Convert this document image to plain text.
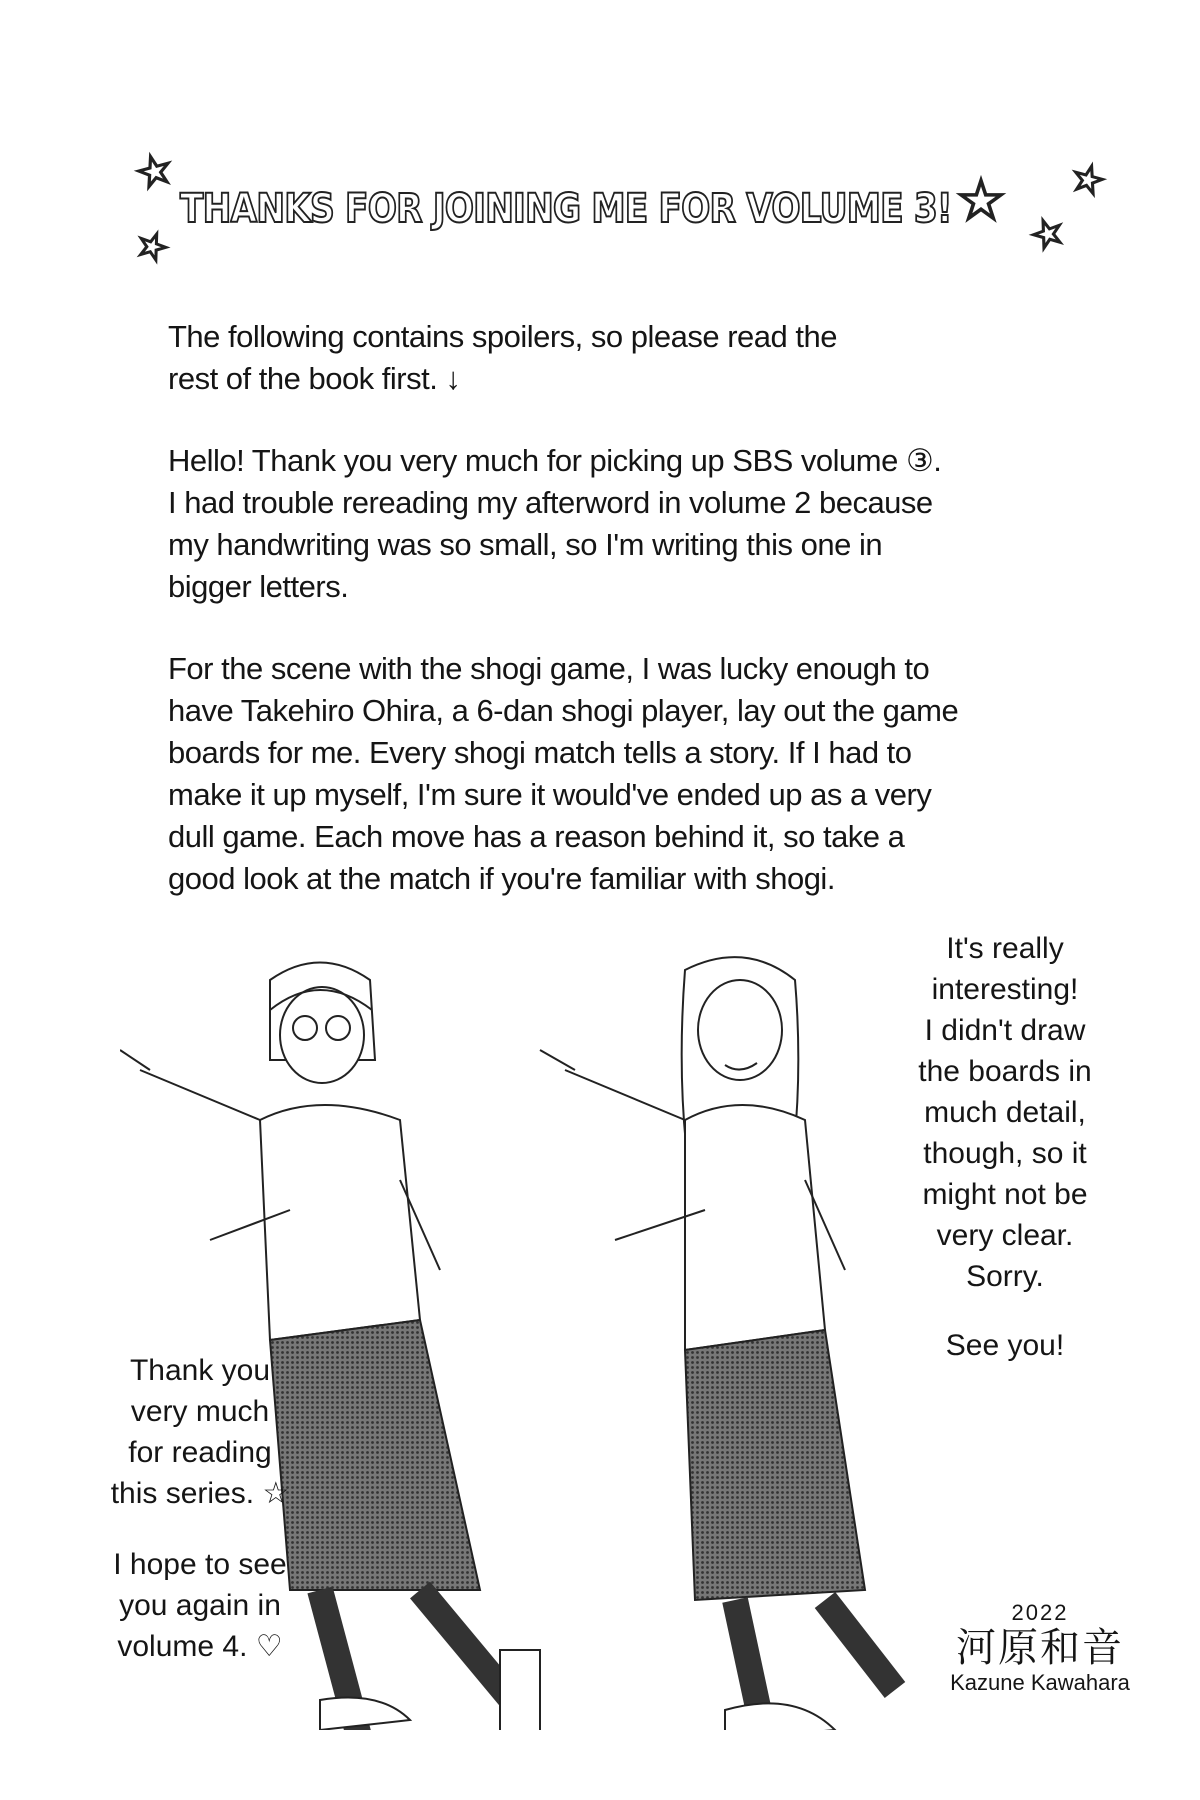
THANKS FOR JOINING ME FOR VOLUME 3!
☆
☆
☆ ☆
☆

The following contains spoilers, so please read the
rest of the book first. ↓

Hello! Thank you very much for picking up SBS volume ③.
I had trouble rereading my afterword in volume 2 because
my handwriting was so small, so I'm writing this one in
bigger letters.

For the scene with the shogi game, I was lucky enough to
have Takehiro Ohira, a 6-dan shogi player, lay out the game
boards for me. Every shogi match tells a story. If I had to
make it up myself, I'm sure it would've ended up as a very
dull game. Each move has a reason behind it, so take a
good look at the match if you're familiar with shogi.

It's really
interesting!
I didn't draw
the boards in
much detail,
though, so it
might not be
very clear.
Sorry.
See you!
Thank you
very much
for reading
this series. ☆
I hope to see
you again in
volume 4. ♡
2022
河原和音
Kazune Kawahara
